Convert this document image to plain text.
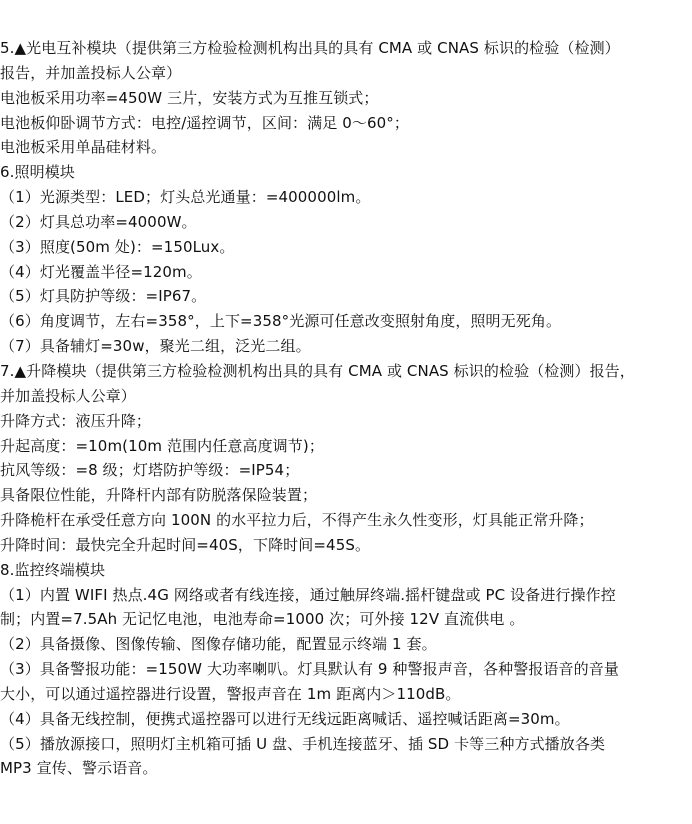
5.▲光电互补模块（提供第三方检验检测机构出具的具有 CMA 或 CNAS 标识的检验（检测）
报告，并加盖投标人公章）
电池板采用功率=450W 三片，安装方式为互推互锁式；
电池板仰卧调节方式：电控/遥控调节，区间：满足 0～60°；
电池板采用单晶硅材料。
6.照明模块
（1）光源类型：LED；灯头总光通量：=400000lm。
（2）灯具总功率=4000W。
（3）照度(50m 处)：=150Lux。
（4）灯光覆盖半径=120m。
（5）灯具防护等级：=IP67。
（6）角度调节，左右=358°，上下=358°光源可任意改变照射角度，照明无死角。
（7）具备辅灯=30w，聚光二组，泛光二组。
7.▲升降模块（提供第三方检验检测机构出具的具有 CMA 或 CNAS 标识的检验（检测）报告，
并加盖投标人公章）
升降方式：液压升降；
升起高度：=10m(10m 范围内任意高度调节)；
抗风等级：=8 级；灯塔防护等级：=IP54；
具备限位性能，升降杆内部有防脱落保险装置；
升降桅杆在承受任意方向 100N 的水平拉力后，不得产生永久性变形，灯具能正常升降；
升降时间：最快完全升起时间=40S，下降时间=45S。
8.监控终端模块
（1）内置 WIFI 热点.4G 网络或者有线连接，通过触屏终端.摇杆键盘或 PC 设备进行操作控
制；内置=7.5Ah 无记忆电池，电池寿命=1000 次；可外接 12V 直流供电 。
（2）具备摄像、图像传输、图像存储功能，配置显示终端 1 套。
（3）具备警报功能：=150W 大功率喇叭。灯具默认有 9 种警报声音，各种警报语音的音量
大小，可以通过遥控器进行设置，警报声音在 1m 距离内＞110dB。
（4）具备无线控制，便携式遥控器可以进行无线远距离喊话、遥控喊话距离=30m。
（5）播放源接口，照明灯主机箱可插 U 盘、手机连接蓝牙、插 SD 卡等三种方式播放各类
MP3 宣传、警示语音。
